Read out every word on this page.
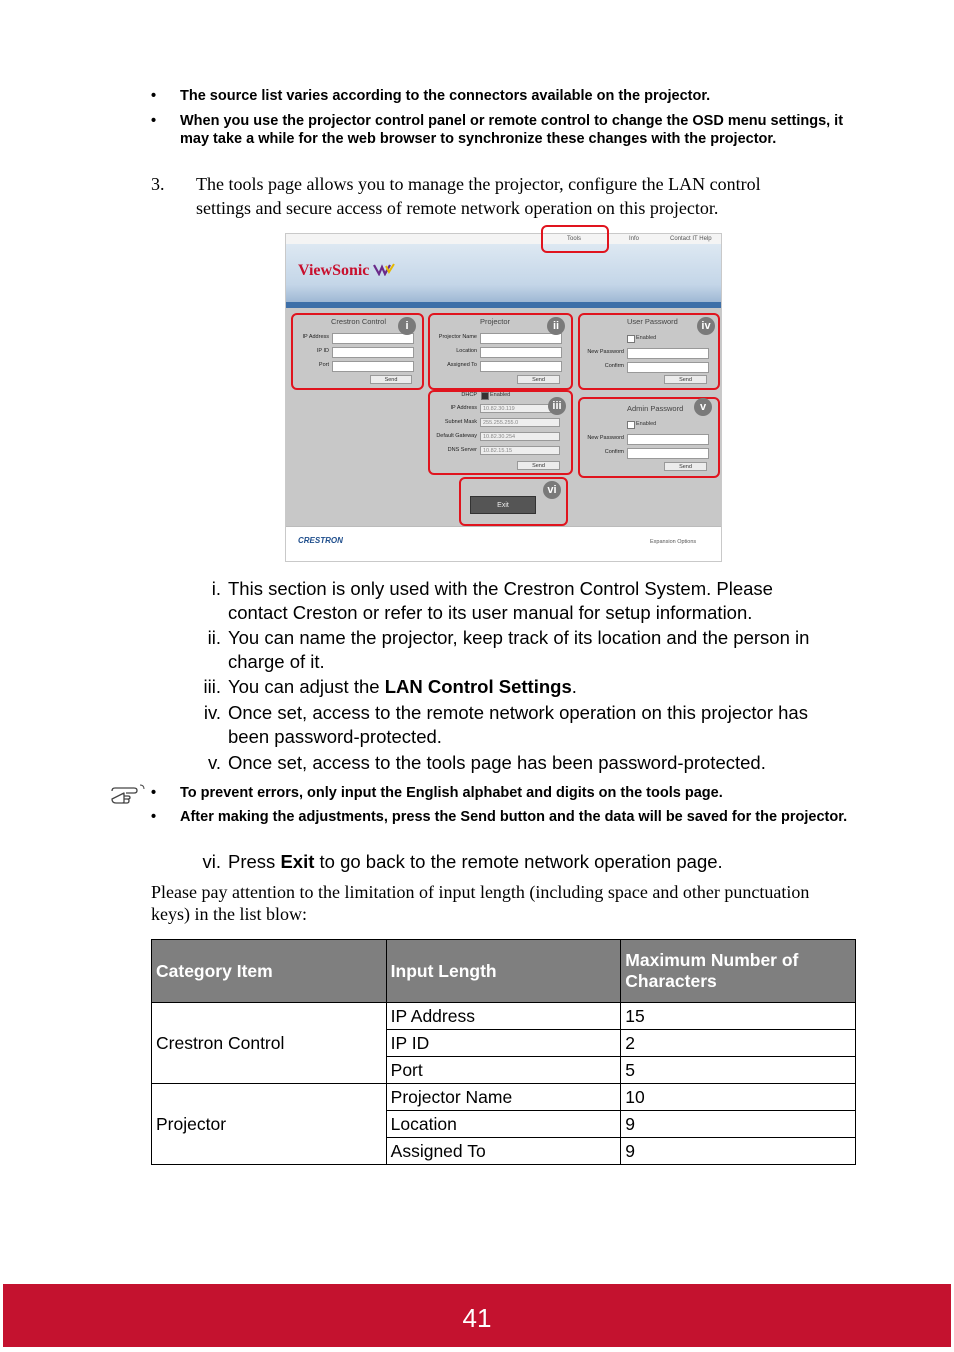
• The source list varies according to the connectors available on the projector.
• When you use the projector control panel or remote control to change the OSD menu settings, it may take a while for the web browser to synchronize these changes with the projector.
3. The tools page allows you to manage the projector, configure the LAN control
settings and secure access of remote network operation on this projector.
Tools	Info	Contact IT Help
ViewSonic
CRESTRON	Expansion Options
Crestron Control
IP Address
IP ID
Port
Send
i	Projector
Projector Name
Location
Assigned To
Send
ii	User Password
Enabled
New Password
Confirm
Send
iv
DHCP Enabled
IP Address
Subnet Mask
Default Gateway
DNS Server
10.82.30.119
255.255.255.0
10.82.30.254
10.82.15.15
Send
iii	Admin Password
Enabled
New Password
Confirm
Send
v
Exit
vi
i. This section is only used with the Crestron Control System. Please
contact Creston or refer to its user manual for setup information.
ii. You can name the projector, keep track of its location and the person in
charge of it.
iii. You can adjust the LAN Control Settings.
iv. Once set, access to the remote network operation on this projector has
been password-protected.
v. Once set, access to the tools page has been password-protected.
• To prevent errors, only input the English alphabet and digits on the tools page.
• After making the adjustments, press the Send button and the data will be saved for the projector.
vi. Press Exit to go back to the remote network operation page.
Please pay attention to the limitation of input length (including space and other punctuation
keys) in the list blow:
Category Item	Input Length	Maximum Number of Characters
Crestron Control	IP Address	15
	IP ID	2
	Port	5
Projector	Projector Name	10
	Location	9
	Assigned To	9
41
